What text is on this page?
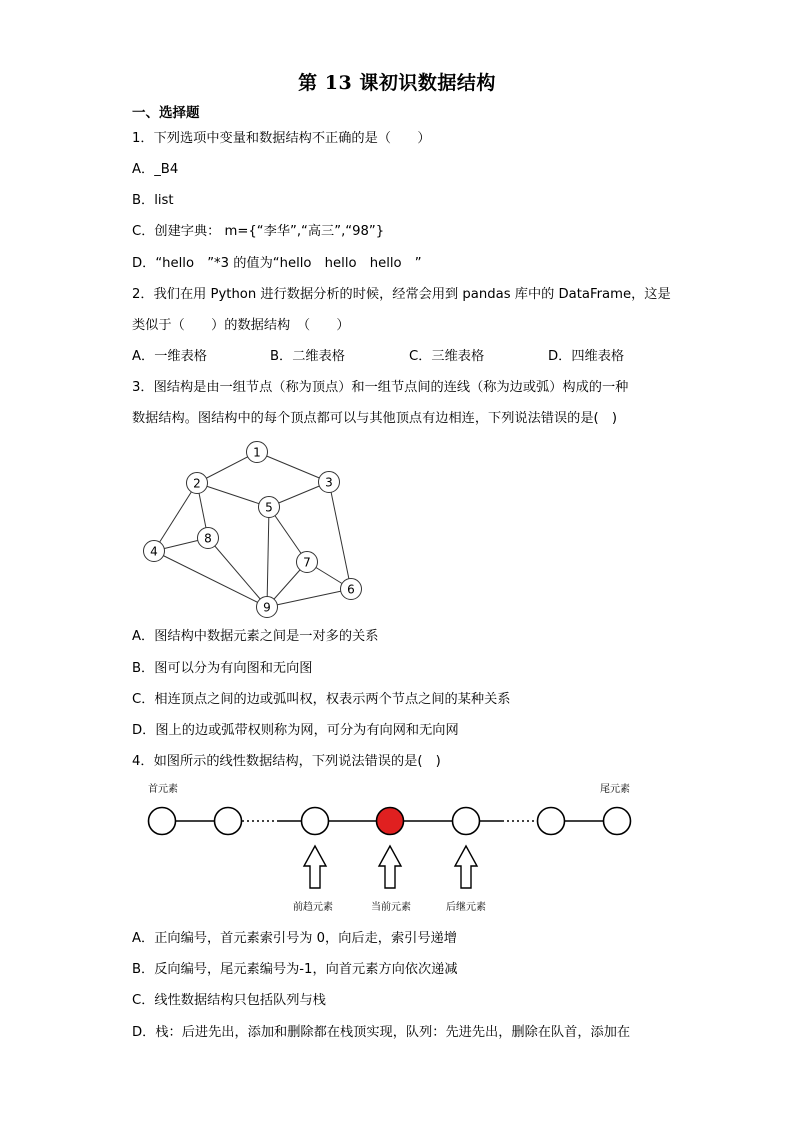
第 13 课初识数据结构
一、选择题
1．下列选项中变量和数据结构不正确的是（　　）
A．_B4
B．list
C．创建字典： m={“李华”,“高三”,“98”}
D．“hello　”*3 的值为“hello　hello　hello　”
2．我们在用 Python 进行数据分析的时候，经常会用到 pandas 库中的 DataFrame，这是
类似于（　　）的数据结构　（　　）
A．一维表格	B．二维表格	C．三维表格	D．四维表格
3．图结构是由一组节点（称为顶点）和一组节点间的连线（称为边或弧）构成的一种
数据结构。图结构中的每个顶点都可以与其他顶点有边相连，下列说法错误的是(　)
1
2	3
4
5
6
7
8
9
A．图结构中数据元素之间是一对多的关系
B．图可以分为有向图和无向图
C．相连顶点之间的边或弧叫权，权表示两个节点之间的某种关系
D．图上的边或弧带权则称为网，可分为有向网和无向网
4．如图所示的线性数据结构，下列说法错误的是(　)
首元素	尾元素
前趋元素	当前元素	后继元素
A．正向编号，首元素索引号为 0，向后走，索引号递增
B．反向编号，尾元素编号为-1，向首元素方向依次递减
C．线性数据结构只包括队列与栈
D．栈：后进先出，添加和删除都在栈顶实现，队列：先进先出，删除在队首，添加在
